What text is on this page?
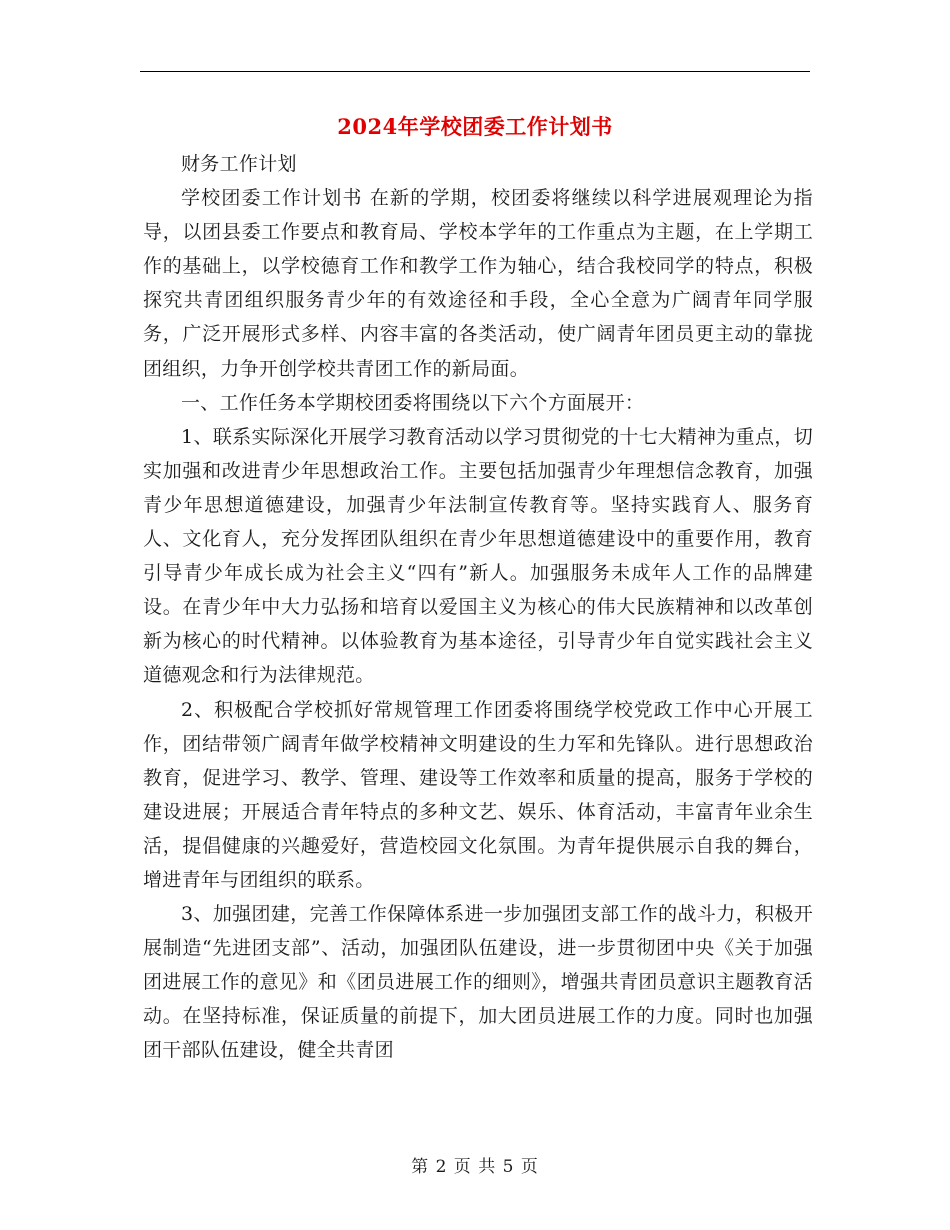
2024年学校团委工作计划书

财务工作计划

学校团委工作计划书 在新的学期，校团委将继续以科学进展观理论为指导，以团县委工作要点和教育局、学校本学年的工作重点为主题，在上学期工作的基础上，以学校德育工作和教学工作为轴心，结合我校同学的特点，积极探究共青团组织服务青少年的有效途径和手段，全心全意为广阔青年同学服务，广泛开展形式多样、内容丰富的各类活动，使广阔青年团员更主动的靠拢团组织，力争开创学校共青团工作的新局面。

一、工作任务本学期校团委将围绕以下六个方面展开：

1、联系实际深化开展学习教育活动以学习贯彻党的十七大精神为重点，切实加强和改进青少年思想政治工作。主要包括加强青少年理想信念教育，加强青少年思想道德建设，加强青少年法制宣传教育等。坚持实践育人、服务育人、文化育人，充分发挥团队组织在青少年思想道德建设中的重要作用，教育引导青少年成长成为社会主义“四有”新人。加强服务未成年人工作的品牌建设。在青少年中大力弘扬和培育以爱国主义为核心的伟大民族精神和以改革创新为核心的时代精神。以体验教育为基本途径，引导青少年自觉实践社会主义道德观念和行为法律规范。

2、积极配合学校抓好常规管理工作团委将围绕学校党政工作中心开展工作，团结带领广阔青年做学校精神文明建设的生力军和先锋队。进行思想政治教育，促进学习、教学、管理、建设等工作效率和质量的提高，服务于学校的建设进展；开展适合青年特点的多种文艺、娱乐、体育活动，丰富青年业余生活，提倡健康的兴趣爱好，营造校园文化氛围。为青年提供展示自我的舞台，增进青年与团组织的联系。

3、加强团建，完善工作保障体系进一步加强团支部工作的战斗力，积极开展制造“先进团支部”、活动，加强团队伍建设，进一步贯彻团中央《关于加强团进展工作的意见》和《团员进展工作的细则》，增强共青团员意识主题教育活动。在坚持标准，保证质量的前提下，加大团员进展工作的力度。同时也加强团干部队伍建设，健全共青团

第 2 页 共 5 页
